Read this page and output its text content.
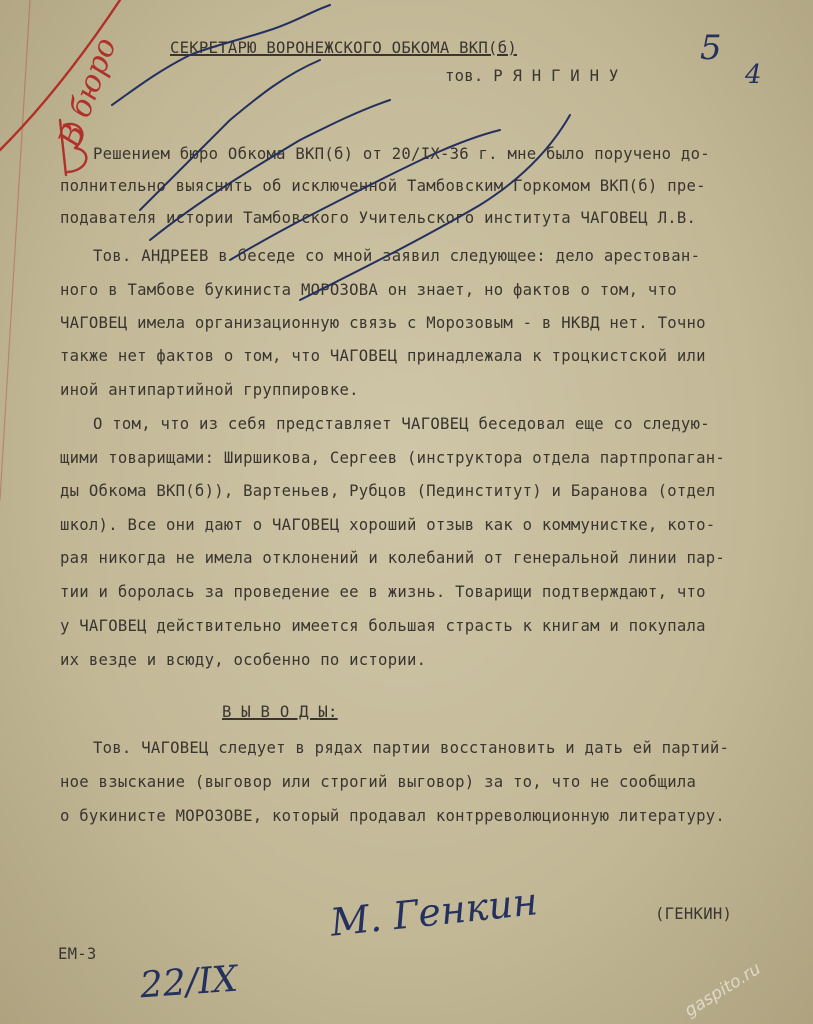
СЕКРЕТАРЮ ВОРОНЕЖСКОГО ОБКОМА ВКП(б)
тов. Р Я Н Г И Н У
Решением бюро Обкома ВКП(б) от 20/IX-36 г. мне было поручено до-
полнительно выяснить об исключенной Тамбовским Горкомом ВКП(б) пре-
подавателя истории Тамбовского Учительского института ЧАГОВЕЦ Л.В.
Тов. АНДРЕЕВ в беседе со мной заявил следующее: дело арестован-
ного в Тамбове букиниста МОРОЗОВА он знает, но фактов о том, что
ЧАГОВЕЦ имела организационную связь с Морозовым - в НКВД нет. Точно
также нет фактов о том, что ЧАГОВЕЦ принадлежала к троцкистской или
иной антипартийной группировке.
О том, что из себя представляет ЧАГОВЕЦ беседовал еще со следую-
щими товарищами: Ширшикова, Сергеев (инструктора отдела партпропаган-
ды Обкома ВКП(б)), Вартеньев, Рубцов (Пединститут) и Баранова (отдел
школ). Все они дают о ЧАГОВЕЦ хороший отзыв как о коммунистке, кото-
рая никогда не имела отклонений и колебаний от генеральной линии пар-
тии и боролась за проведение ее в жизнь. Товарищи подтверждают, что
у ЧАГОВЕЦ действительно имеется большая страсть к книгам и покупала
их везде и всюду, особенно по истории.
В Ы В О Д Ы:
Тов. ЧАГОВЕЦ следует в рядах партии восстановить и дать ей партий-
ное взыскание (выговор или строгий выговор) за то, что не сообщила
о букинисте МОРОЗОВЕ, который продавал контрреволюционную литературу.
(ГЕНКИН)
М. Генкин
ЕМ-3
22/IX
5
4
В бюро
gaspito.ru
